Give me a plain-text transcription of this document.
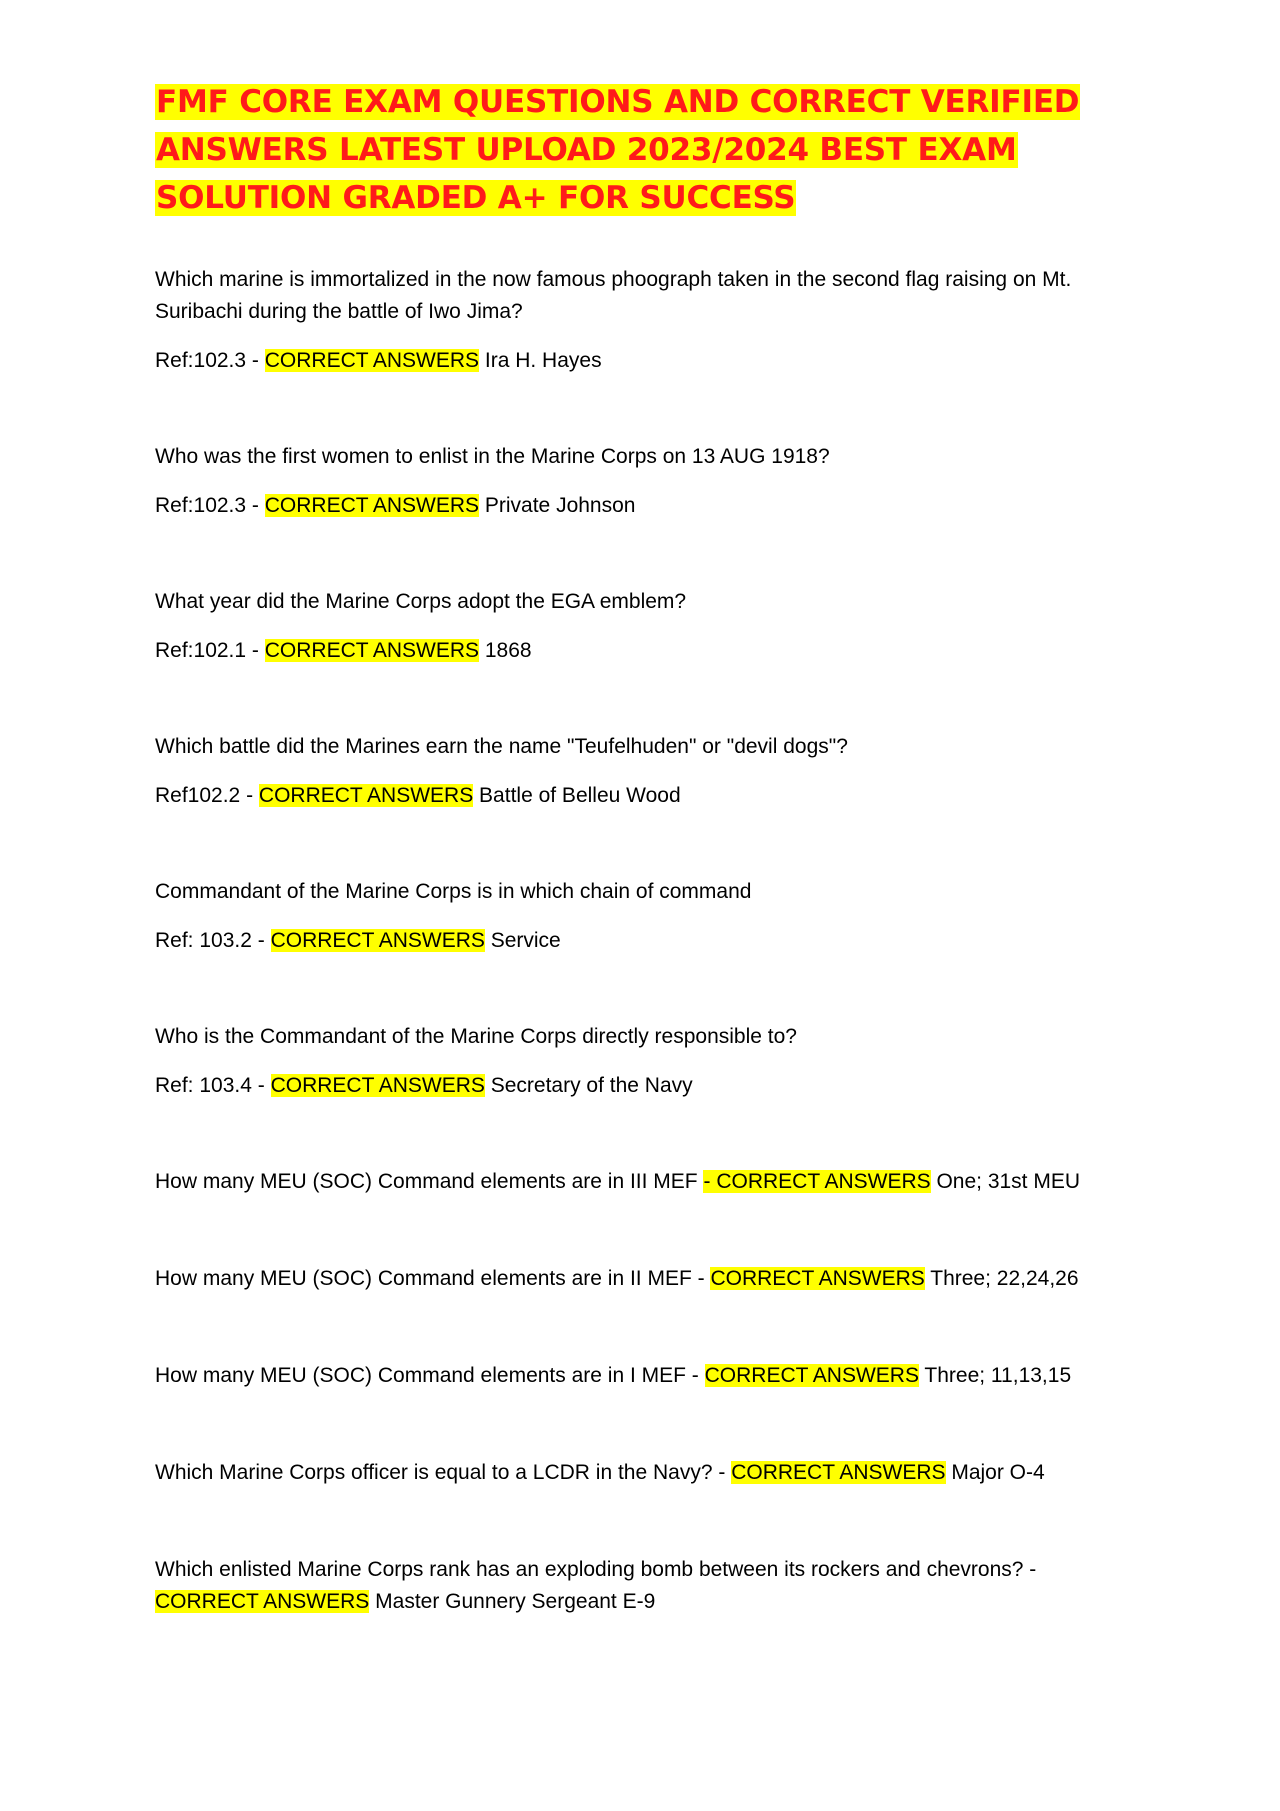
FMF CORE EXAM QUESTIONS AND CORRECT VERIFIED ANSWERS LATEST UPLOAD 2023/2024 BEST EXAM SOLUTION GRADED A+ FOR SUCCESS

Which marine is immortalized in the now famous phoograph taken in the second flag raising on Mt. Suribachi during the battle of Iwo Jima?

Ref:102.3 - CORRECT ANSWERS Ira H. Hayes

Who was the first women to enlist in the Marine Corps on 13 AUG 1918?

Ref:102.3 - CORRECT ANSWERS Private Johnson

What year did the Marine Corps adopt the EGA emblem?

Ref:102.1 - CORRECT ANSWERS 1868

Which battle did the Marines earn the name "Teufelhuden" or "devil dogs"?

Ref102.2 - CORRECT ANSWERS Battle of Belleu Wood

Commandant of the Marine Corps is in which chain of command

Ref: 103.2 - CORRECT ANSWERS Service

Who is the Commandant of the Marine Corps directly responsible to?

Ref: 103.4 - CORRECT ANSWERS Secretary of the Navy

How many MEU (SOC) Command elements are in III MEF - CORRECT ANSWERS One; 31st MEU

How many MEU (SOC) Command elements are in II MEF - CORRECT ANSWERS Three; 22,24,26

How many MEU (SOC) Command elements are in I MEF - CORRECT ANSWERS Three; 11,13,15

Which Marine Corps officer is equal to a LCDR in the Navy? - CORRECT ANSWERS Major O-4

Which enlisted Marine Corps rank has an exploding bomb between its rockers and chevrons? -
CORRECT ANSWERS Master Gunnery Sergeant E-9
